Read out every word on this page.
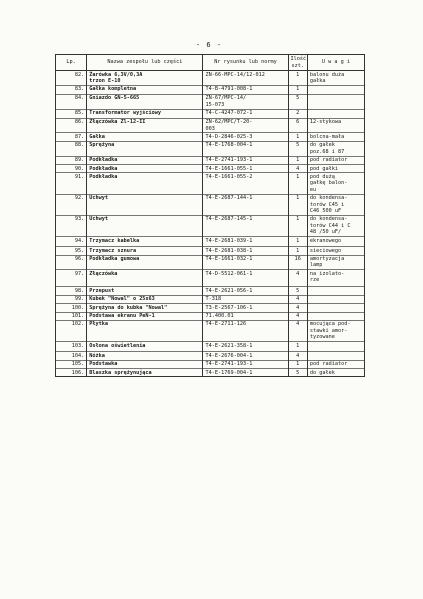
- 6 -
Lp.	Nazwa zespołu lub części	Nr rysunku lub normy	Ilość szt.	U w a g i
82.	Żarówka 6,3V/0,3A
trzon E-10	ZN-66-MPC-14/12-012	1	balonu duża
gałka
83.	Gałka kompletna	T4-B-4791-008-1	1	
84.	Gniazdo GN-5-665	ZN-67/MPC-14/
15-073	5	
85.	Transformator wyjściowy	T4-C-4247-072-1	2	
86.	Złączówka Zl-12-II	ZN-62/MPC/T-20-
003	6	12-stykowa
87.	Gałka	T4-D-2846-025-3	1	bolcna-mała
88.	Sprężyna	T4-E-1768-004-1	5	do gałek
poz.68 i 87
89.	Podkładka	T4-E-2741-193-1	1	pod radiator
90.	Podkładka	T4-E-1661-055-1	4	pod gałki
91.	Podkładka	T4-E-1661-055-2	1	pod dużą
gałkę balon-
eu
92.	Uchwyt	T4-E-2687-144-1	1	do kondensa-
torów C45 i
C46 500 uF
93.	Uchwyt	T4-E-2687-145-1	1	do kondensa-
torów C44 i C
48 /50 uF/
94.	Trzymacz kabelka	T4-E-2681-039-1	1	ekranowego
95.	Trzymacz sznura	T4-E-2681-038-1	1	sieciowego
96.	Podkładka gumowa	T4-E-1661-032-1	16	amortyzacja
lamp
97.	Złączówka	T4-D-5512-061-1	4	na izolato-
rze
98.	Przepust	T4-E-2621-056-1	5	
99.	Kubek "Nowal" o 25x63	T-318	4	
100.	Sprężyna do kubka "Nowal"	T3-E-2567-106-1	4	
101.	Podstawa ekranu PeN-1	71.400.01	4	
102.	Płytka	T4-E-2711-126	4	mocująca pod-
stawki amor-
tyzowane
103.	Osłona oświetlenia	T4-E-2621-358-1	1	
104.	Nóżka	T4-E-2676-004-1	4	
105.	Podstawka	T4-E-2741-193-1	1	pod radiator
106.	Blaszka sprężynująca	T4-E-1769-004-1	5	do gałek
